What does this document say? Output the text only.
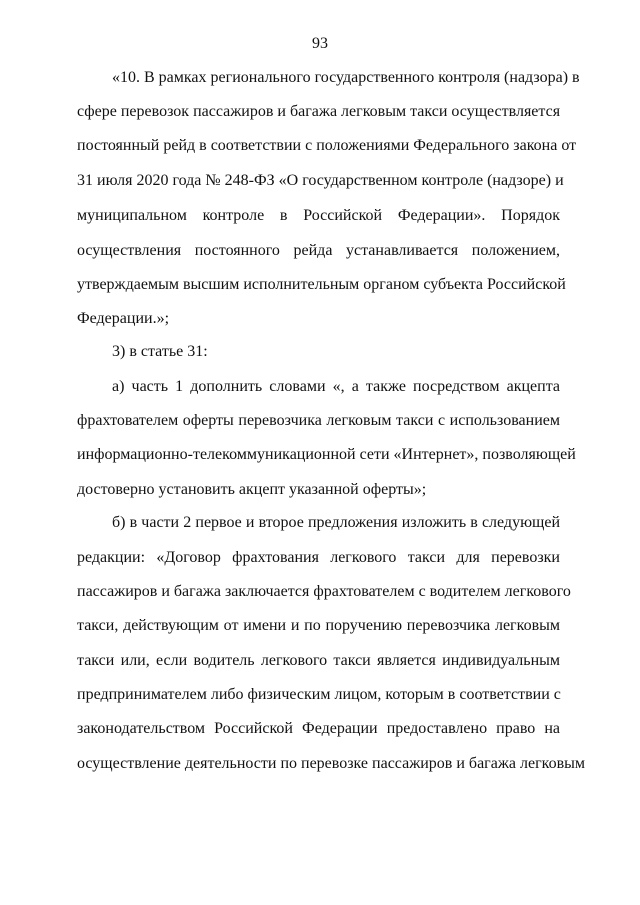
93
«10. В рамках регионального государственного контроля (надзора) в
сфере перевозок пассажиров и багажа легковым такси осуществляется
постоянный рейд в соответствии с положениями Федерального закона от
31 июля 2020 года № 248-ФЗ «О государственном контроле (надзоре) и
муниципальном контроле в Российской Федерации». Порядок
осуществления постоянного рейда устанавливается положением,
утверждаемым высшим исполнительным органом субъекта Российской
Федерации.»;
3) в статье 31:
а) часть 1 дополнить словами «, а также посредством акцепта
фрахтователем оферты перевозчика легковым такси с использованием
информационно-телекоммуникационной сети «Интернет», позволяющей
достоверно установить акцепт указанной оферты»;
б) в части 2 первое и второе предложения изложить в следующей
редакции: «Договор фрахтования легкового такси для перевозки
пассажиров и багажа заключается фрахтователем с водителем легкового
такси, действующим от имени и по поручению перевозчика легковым
такси или, если водитель легкового такси является индивидуальным
предпринимателем либо физическим лицом, которым в соответствии с
законодательством Российской Федерации предоставлено право на
осуществление деятельности по перевозке пассажиров и багажа легковым
